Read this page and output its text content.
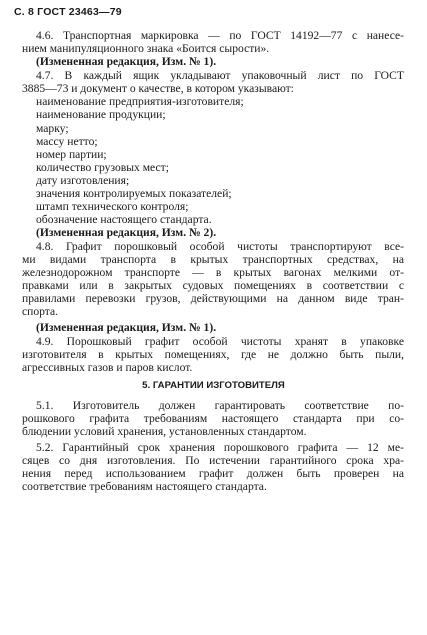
С. 8 ГОСТ 23463—79
4.6. Транспортная маркировка — по ГОСТ 14192—77 с нанесе-
нием манипуляционного знака «Боится сырости».
(Измененная редакция, Изм. № 1).
4.7. В каждый ящик укладывают упаковочный лист по ГОСТ
3885—73 и документ о качестве, в котором указывают:
наименование предприятия-изготовителя;
наименование продукции;
марку;
массу нетто;
номер партии;
количество грузовых мест;
дату изготовления;
значения контролируемых показателей;
штамп технического контроля;
обозначение настоящего стандарта.
(Измененная редакция, Изм. № 2).
4.8. Графит порошковый особой чистоты транспортируют все-
ми видами транспорта в крытых транспортных средствах, на
железнодорожном транспорте — в крытых вагонах мелкими от-
правками или в закрытых судовых помещениях в соответствии с
правилами перевозки грузов, действующими на данном виде тран-
спорта.
(Измененная редакция, Изм. № 1).
4.9. Порошковый графит особой чистоты хранят в упаковке
изготовителя в крытых помещениях, где не должно быть пыли,
агрессивных газов и паров кислот.
5. ГАРАНТИИ ИЗГОТОВИТЕЛЯ
5.1. Изготовитель должен гарантировать соответствие по-
рошкового графита требованиям настоящего стандарта при со-
блюдении условий хранения, установленных стандартом.
5.2. Гарантийный срок хранения порошкового графита — 12 ме-
сяцев со дня изготовления. По истечении гарантийного срока хра-
нения перед использованием графит должен быть проверен на
соответствие требованиям настоящего стандарта.
